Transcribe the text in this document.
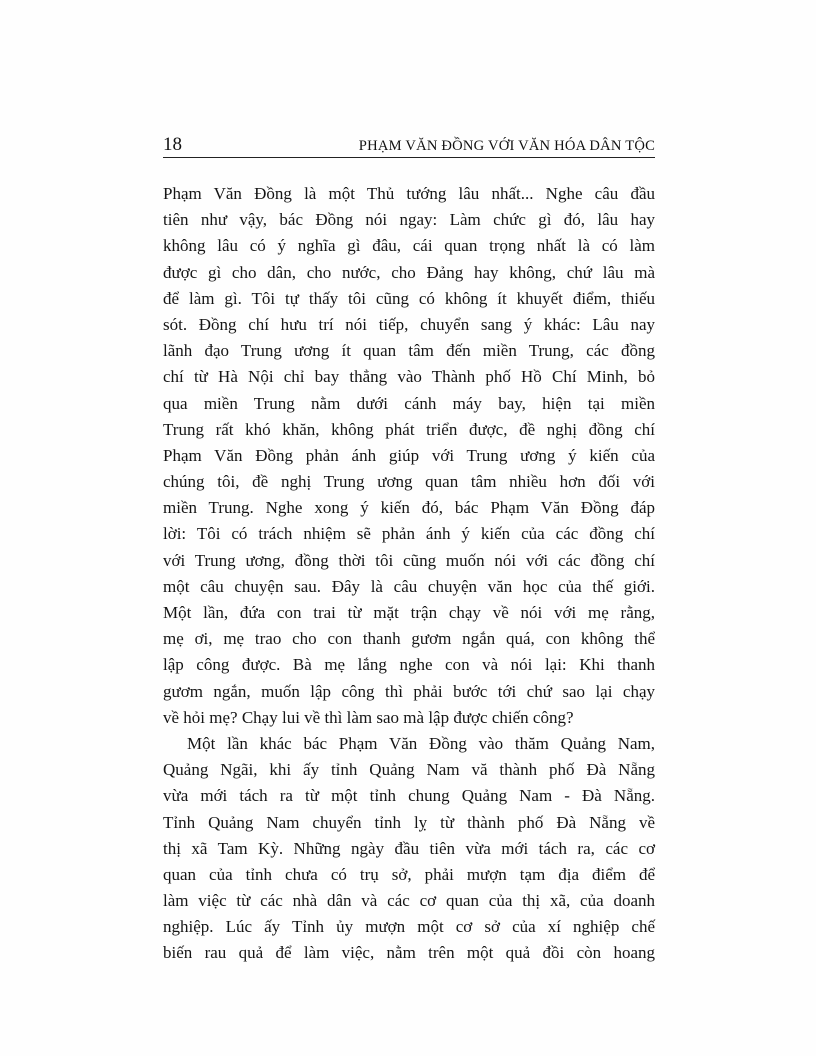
18	PHẠM VĂN ĐỒNG VỚI VĂN HÓA DÂN TỘC
Phạm Văn Đồng là một Thủ tướng lâu nhất... Nghe câu đầu
tiên như vậy, bác Đồng nói ngay: Làm chức gì đó, lâu hay
không lâu có ý nghĩa gì đâu, cái quan trọng nhất là có làm
được gì cho dân, cho nước, cho Đảng hay không, chứ lâu mà
để làm gì. Tôi tự thấy tôi cũng có không ít khuyết điểm, thiếu
sót. Đồng chí hưu trí nói tiếp, chuyển sang ý khác: Lâu nay
lãnh đạo Trung ương ít quan tâm đến miền Trung, các đồng
chí từ Hà Nội chỉ bay thẳng vào Thành phố Hồ Chí Minh, bỏ
qua miền Trung nằm dưới cánh máy bay, hiện tại miền
Trung rất khó khăn, không phát triển được, đề nghị đồng chí
Phạm Văn Đồng phản ánh giúp với Trung ương ý kiến của
chúng tôi, đề nghị Trung ương quan tâm nhiều hơn đối với
miền Trung. Nghe xong ý kiến đó, bác Phạm Văn Đồng đáp
lời: Tôi có trách nhiệm sẽ phản ánh ý kiến của các đồng chí
với Trung ương, đồng thời tôi cũng muốn nói với các đồng chí
một câu chuyện sau. Đây là câu chuyện văn học của thế giới.
Một lần, đứa con trai từ mặt trận chạy về nói với mẹ rằng,
mẹ ơi, mẹ trao cho con thanh gươm ngắn quá, con không thể
lập công được. Bà mẹ lắng nghe con và nói lại: Khi thanh
gươm ngắn, muốn lập công thì phải bước tới chứ sao lại chạy
về hỏi mẹ? Chạy lui về thì làm sao mà lập được chiến công?
Một lần khác bác Phạm Văn Đồng vào thăm Quảng Nam,
Quảng Ngãi, khi ấy tỉnh Quảng Nam vă thành phố Đà Nẵng
vừa mới tách ra từ một tỉnh chung Quảng Nam - Đà Nẵng.
Tỉnh Quảng Nam chuyển tỉnh lỵ từ thành phố Đà Nẵng về
thị xã Tam Kỳ. Những ngày đầu tiên vừa mới tách ra, các cơ
quan của tỉnh chưa có trụ sở, phải mượn tạm địa điểm để
làm việc từ các nhà dân và các cơ quan của thị xã, của doanh
nghiệp. Lúc ấy Tỉnh ủy mượn một cơ sở của xí nghiệp chế
biến rau quả để làm việc, nằm trên một quả đồi còn hoang
